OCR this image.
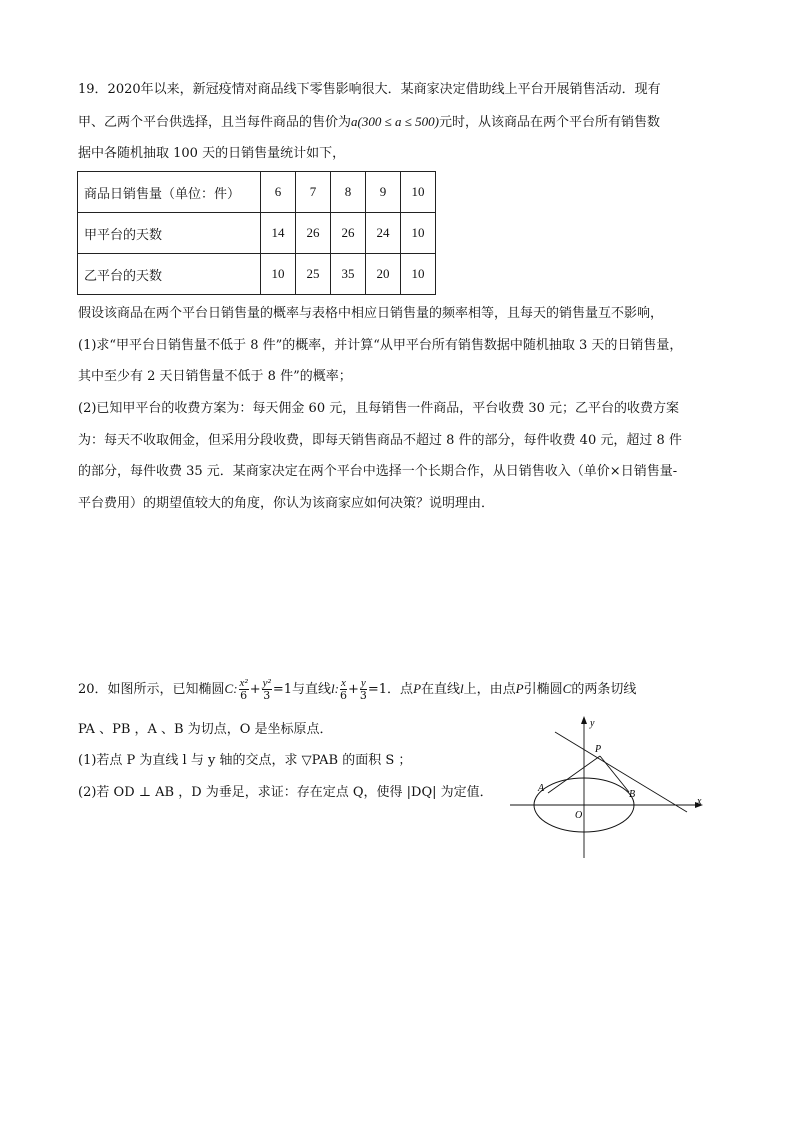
19．2020年以来，新冠疫情对商品线下零售影响很大．某商家决定借助线上平台开展销售活动．现有
甲、乙两个平台供选择，且当每件商品的售价为a(300 ≤ a ≤ 500)元时，从该商品在两个平台所有销售数
据中各随机抽取 100 天的日销售量统计如下，
商品日销售量（单位：件）	6	7	8	9	10
甲平台的天数	14	26	26	24	10
乙平台的天数	10	25	35	20	10
假设该商品在两个平台日销售量的概率与表格中相应日销售量的频率相等，且每天的销售量互不影响，
(1)求“甲平台日销售量不低于 8 件”的概率，并计算“从甲平台所有销售数据中随机抽取 3 天的日销售量，
其中至少有 2 天日销售量不低于 8 件”的概率；
(2)已知甲平台的收费方案为：每天佣金 60 元，且每销售一件商品，平台收费 30 元；乙平台的收费方案
为：每天不收取佣金，但采用分段收费，即每天销售商品不超过 8 件的部分，每件收费 40 元，超过 8 件
的部分，每件收费 35 元．某商家决定在两个平台中选择一个长期合作，从日销售收入（单价×日销售量-
平台费用）的期望值较大的角度，你认为该商家应如何决策？说明理由．
20．如图所示，已知椭圆C: $\frac{\text{x²}}{6} + \frac{\text{y²}}{3} =1$与直线l: $\frac{x}{6} + \frac{y}{3} =1$．点P在直线l上，由点P引椭圆C的两条切线
PA 、PB ，A 、B 为切点，O 是坐标原点．
(1)若点 P 为直线 l 与 y 轴的交点，求 ▽PAB 的面积 S ；
(2)若 OD ⊥ AB ，D 为垂足，求证：存在定点 Q，使得 |DQ| 为定值．
y
x
P
A
B
O
